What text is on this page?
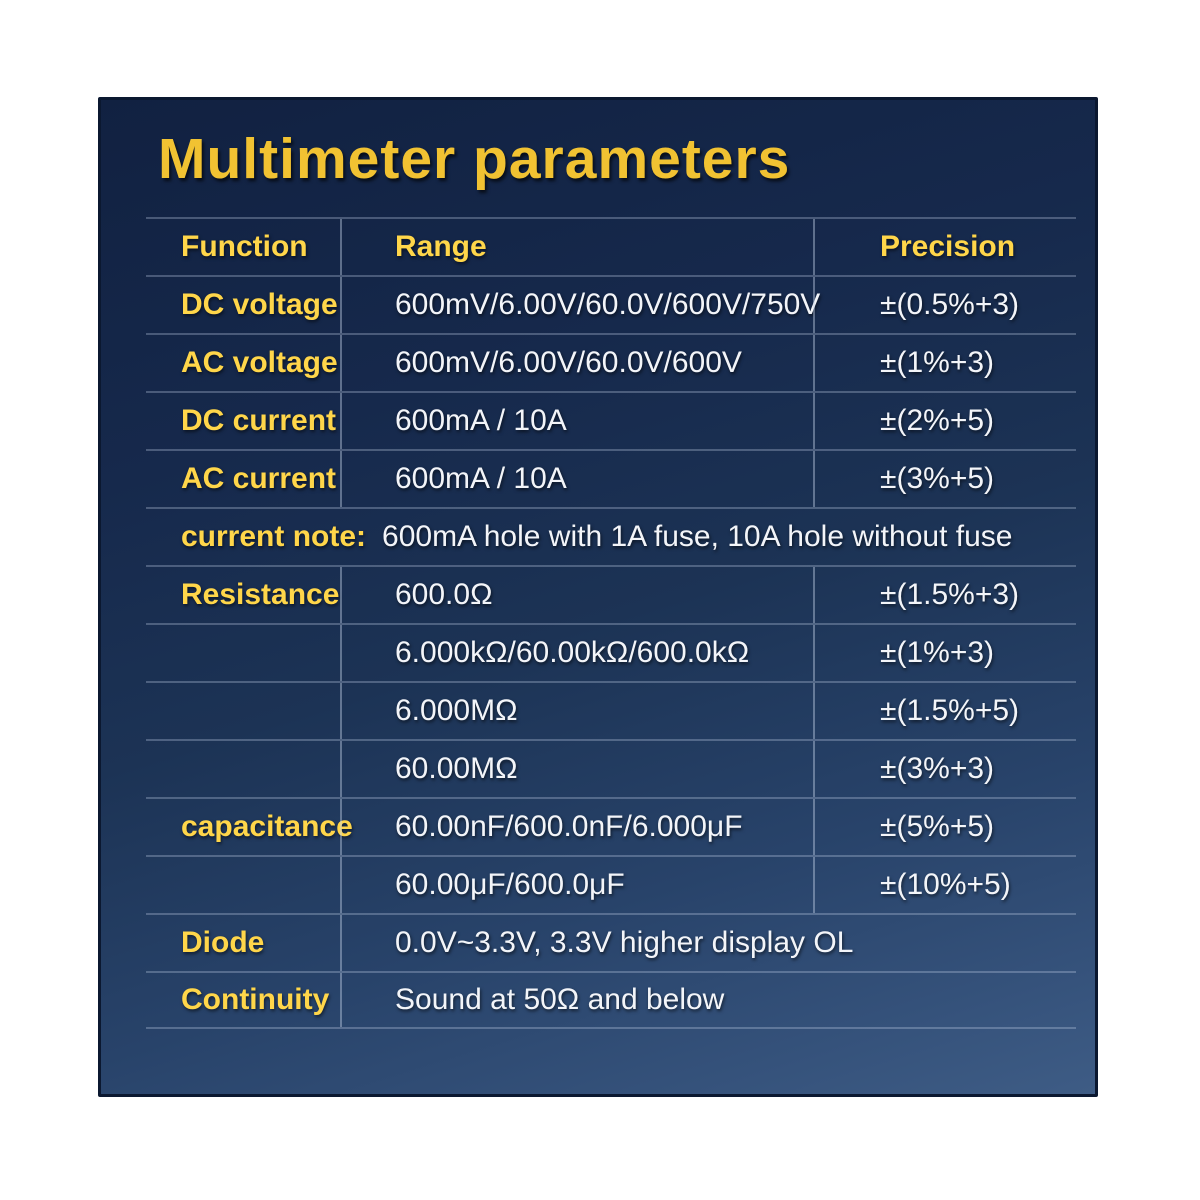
Multimeter parameters
Function	Range	Precision
DC voltage 600mV/6.00V/60.0V/600V/750V ±(0.5%+3)
AC voltage 600mV/6.00V/60.0V/600V	±(1%+3)
DC current 600mA / 10A	±(2%+5)
AC current 600mA / 10A	±(3%+5)
current note: 600mA hole with 1A fuse, 10A hole without fuse
Resistance 600.0Ω	±(1.5%+3)
6.000kΩ/60.00kΩ/600.0kΩ	±(1%+3)
6.000MΩ	±(1.5%+5)
60.00MΩ	±(3%+3)
capacitance 60.00nF/600.0nF/6.000μF	±(5%+5)
60.00μF/600.0μF	±(10%+5)
Diode	0.0V~3.3V, 3.3V higher display OL
Continuity Sound at 50Ω and below
